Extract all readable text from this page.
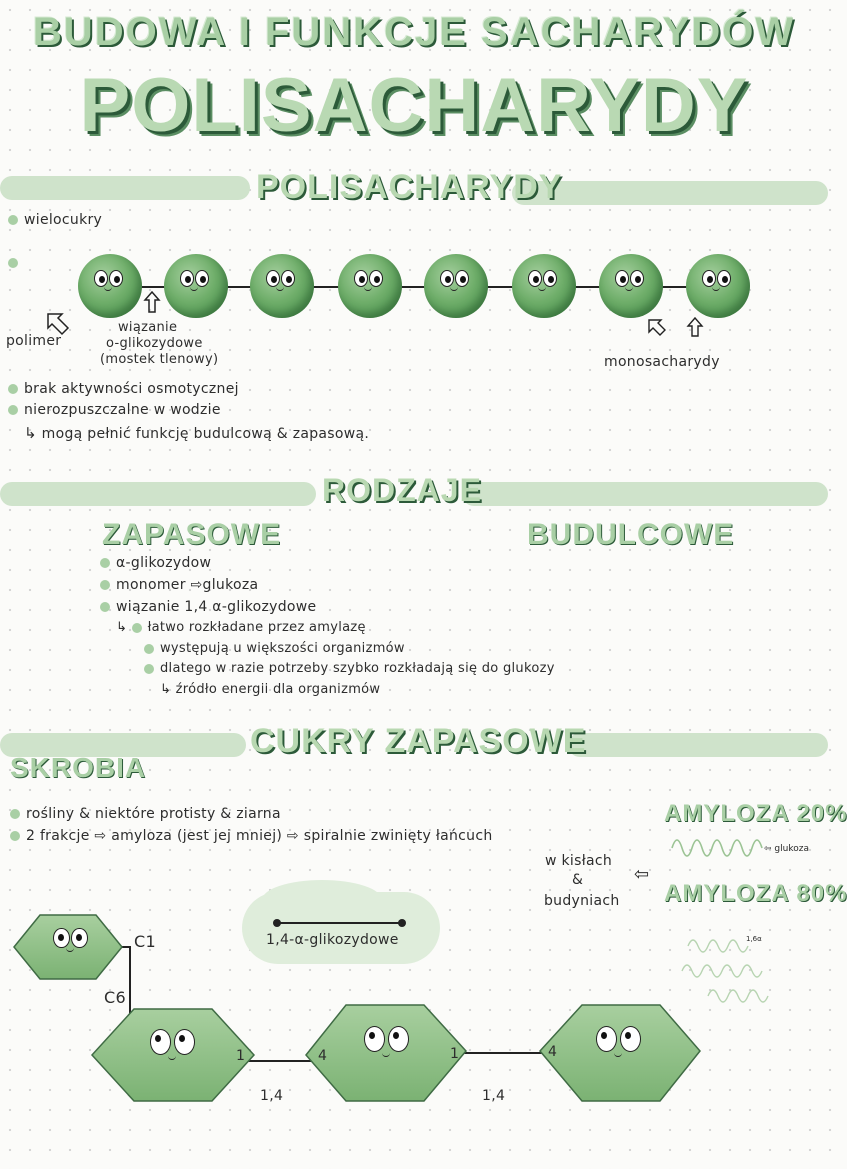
BUDOWA I FUNKCJE SACHARYDÓW
POLISACHARYDY
POLISACHARYDY
wielocukry
polimer
wiązanie
o-glikozydowe
(mostek tlenowy)	monosacharydy
brak aktywności osmotycznej
nierozpuszczalne w wodzie
↳ mogą pełnić funkcję budulcową & zapasową.
RODZAJE
ZAPASOWE	BUDULCOWE
α-glikozydow
monomer ⇨glukoza
wiązanie 1,4 α-glikozydowe
↳ łatwo rozkładane przez amylazę
występują u większości organizmów
dlatego w razie potrzeby szybko rozkładają się do glukozy
↳ źródło energii dla organizmów
CUKRY ZAPASOWE
SKROBIA
rośliny & niektóre protisty & ziarna
2 frakcje ⇨ amyloza (jest jej mniej) ⇨ spiralnie zwinięty łańcuch
w kisłach
&
budyniach
⇦
AMYLOZA 20%
⇦ glukoza
AMYLOZA 80%
1,6α
1,4-α-glikozydowe
C1
C6
1	4	1	4
1,4	1,4
